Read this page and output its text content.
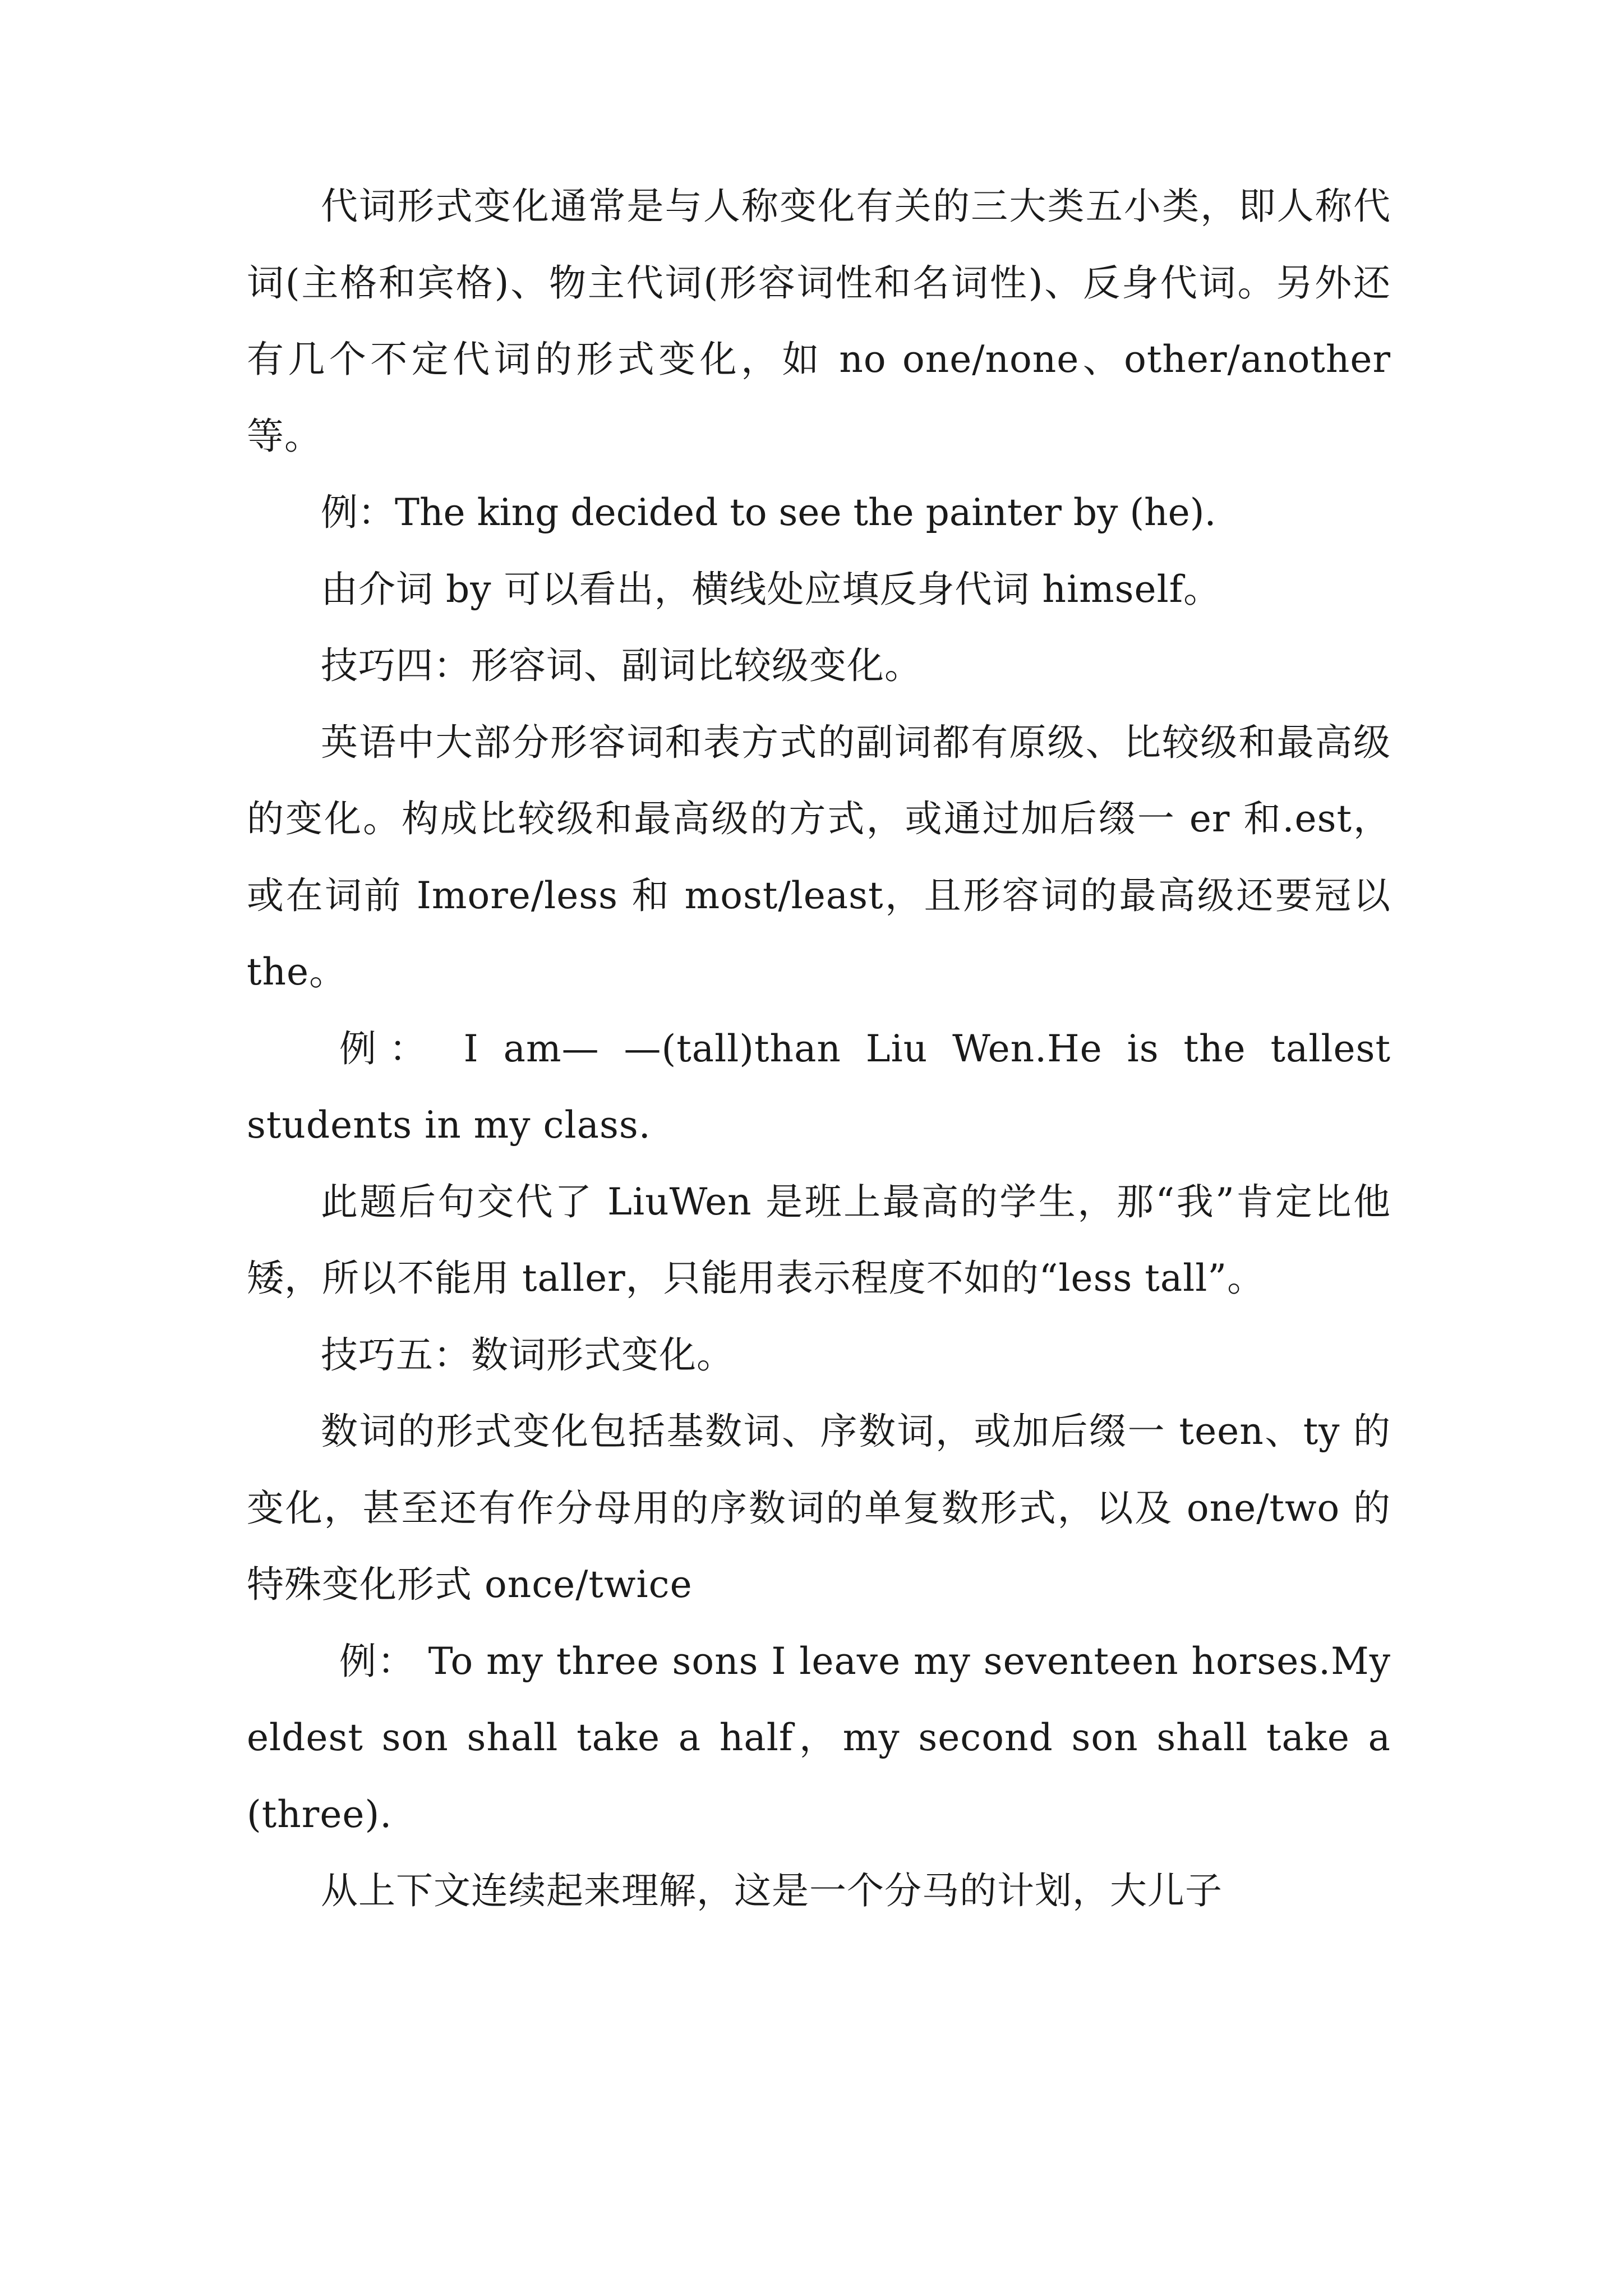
代词形式变化通常是与人称变化有关的三大类五小类，即人称代词(主格和宾格)、物主代词(形容词性和名词性)、反身代词。另外还有几个不定代词的形式变化，如 no one/none、other/another 等。

例：The king decided to see the painter by (he).

由介词 by 可以看出，横线处应填反身代词 himself。

技巧四：形容词、副词比较级变化。

英语中大部分形容词和表方式的副词都有原级、比较级和最高级的变化。构成比较级和最高级的方式，或通过加后缀一 er 和.est，或在词前 Imore/less 和 most/least，且形容词的最高级还要冠以 the。

例： I am— —(tall)than Liu Wen.He is the tallest students in my class.

此题后句交代了 LiuWen 是班上最高的学生，那“我”肯定比他矮，所以不能用 taller，只能用表示程度不如的“less tall”。

技巧五：数词形式变化。

数词的形式变化包括基数词、序数词，或加后缀一 teen、ty 的变化，甚至还有作分母用的序数词的单复数形式，以及 one/two 的特殊变化形式 once/twice

例： To my three sons I leave my seventeen horses.My eldest son shall take a half，my second son shall take a (three).

从上下文连续起来理解，这是一个分马的计划，大儿子
